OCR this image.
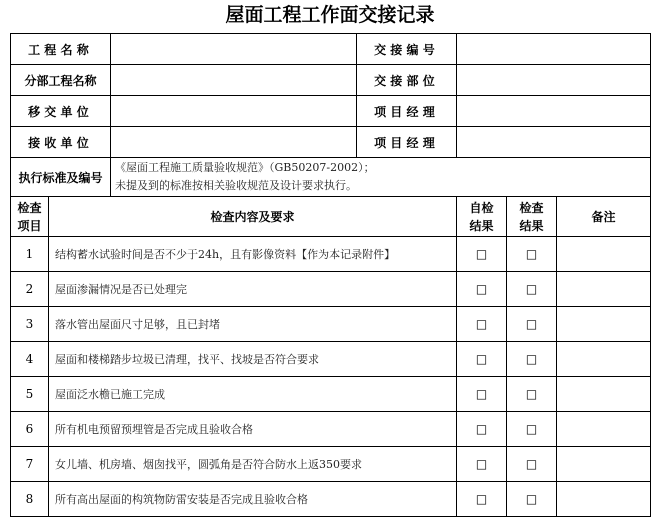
屋面工程工作面交接记录
工程名称			交接编号			
分部工程名称			交接部位			
移交单位			项目经理			
接收单位			项目经理			
执行标准及编号		《屋面工程施工质量验收规范》（GB50207-2002）；
未提及到的标准按相关验收规范及设计要求执行。				

检查项目	检查内容及要求			自检结果	检查结果	备注
1	结构蓄水试验时间是否不少于24h，且有影像资料【作为本记录附件】			□	□	
2	屋面渗漏情况是否已处理完			□	□	
3	落水管出屋面尺寸足够，且已封堵			□	□	
4	屋面和楼梯踏步垃圾已清理，找平、找坡是否符合要求			□	□	
5	屋面泛水檐已施工完成			□	□	
6	所有机电预留预埋管是否完成且验收合格			□	□	
7	女儿墙、机房墙、烟囱找平，圆弧角是否符合防水上返350要求			□	□	
8	所有高出屋面的构筑物防雷安装是否完成且验收合格			□	□	
